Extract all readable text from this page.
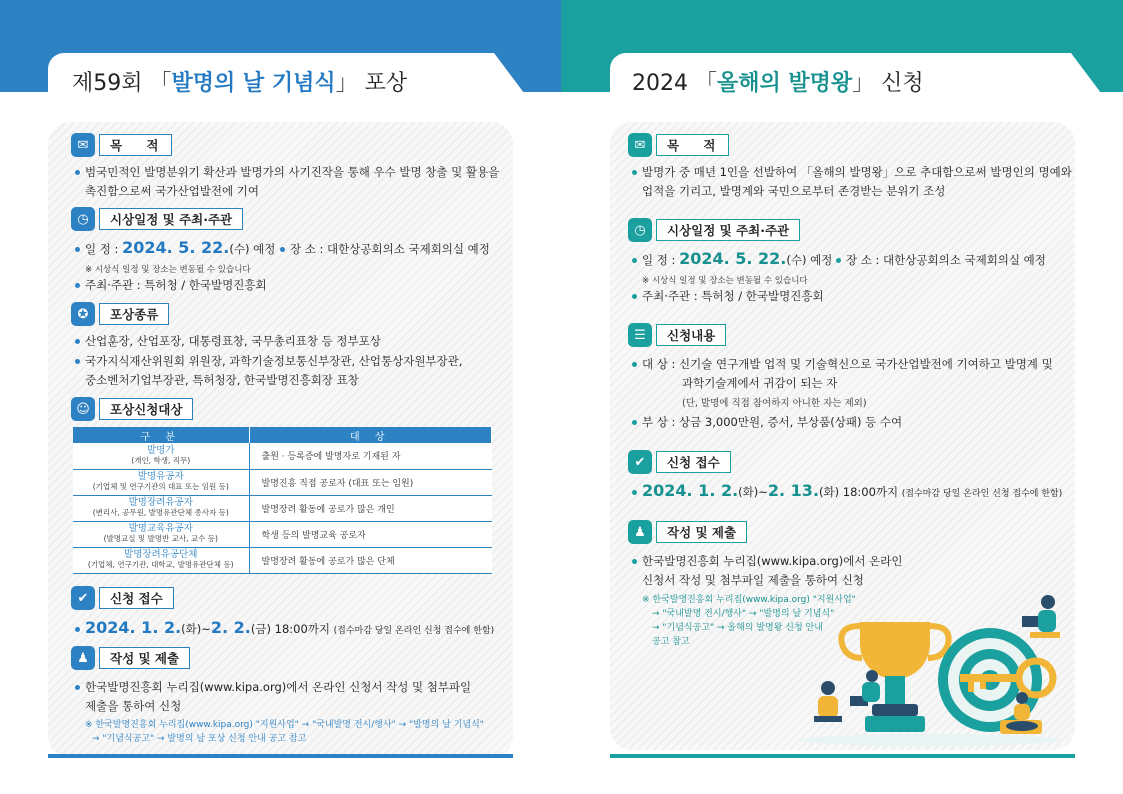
제59회 「발명의 날 기념식」 포상	2024 「올해의 발명왕」 신청
✉	목 적
범국민적인 발명분위기 확산과 발명가의 사기진작을 통해 우수 발명 창출 및 활용을
촉진함으로써 국가산업발전에 기여
◷	시상일정 및 주최·주관
일 정 : 2024. 5. 22.(수) 예정	장 소 : 대한상공회의소 국제회의실 예정
※ 시상식 일정 및 장소는 변동될 수 있습니다
주최·주관 : 특허청 / 한국발명진흥회
✪	포상종류
산업훈장, 산업포장, 대통령표창, 국무총리표창 등 정부포상
국가지식재산위원회 위원장, 과학기술정보통신부장관, 산업통상자원부장관,
중소벤처기업부장관, 특허청장, 한국발명진흥회장 표창
☺	포상신청대상
구 분	대 상

발명가
(개인, 학생, 직무)	출원 · 등록증에 발명자로 기재된 자

발명유공자
(기업체 및 연구기관의 대표 또는 임원 등)	발명진흥 직접 공로자 (대표 또는 임원)

발명장려유공자
(변리사, 공무원, 발명유관단체 종사자 등)	발명장려 활동에 공로가 많은 개인

발명교육유공자
(발명교실 및 발명반 교사, 교수 등)	학생 등의 발명교육 공로자

발명장려유공단체
(기업체, 연구기관, 대학교, 발명유관단체 등)	발명장려 활동에 공로가 많은 단체
✔	신청 접수
2024. 1. 2.(화)~2. 2.(금) 18:00까지 (접수마감 당일 온라인 신청 접수에 한함)
♟	작성 및 제출
한국발명진흥회 누리집(www.kipa.org)에서 온라인 신청서 작성 및 첨부파일
제출을 통하여 신청
※ 한국발명진흥회 누리집(www.kipa.org) "지원사업" → "국내발명 전시/행사" → "발명의 날 기념식"
→ "기념식공고" → 발명의 날 포상 신청 안내 공고 참고
✉	목 적
발명가 중 매년 1인을 선발하여 「올해의 발명왕」으로 추대함으로써 발명인의 명예와
업적을 기리고, 발명계와 국민으로부터 존경받는 분위기 조성
◷	시상일정 및 주최·주관
일 정 : 2024. 5. 22.(수) 예정	장 소 : 대한상공회의소 국제회의실 예정
※ 시상식 일정 및 장소는 변동될 수 있습니다
주최·주관 : 특허청 / 한국발명진흥회
☰	신청내용
대 상 : 신기술 연구개발 업적 및 기술혁신으로 국가산업발전에 기여하고 발명계 및
과학기술계에서 귀감이 되는 자
(단, 발명에 직접 참여하지 아니한 자는 제외)
부 상 : 상금 3,000만원, 증서, 부상품(상패) 등 수여
✔	신청 접수
2024. 1. 2.(화)~2. 13.(화) 18:00까지 (접수마감 당일 온라인 신청 접수에 한함)
♟	작성 및 제출
한국발명진흥회 누리집(www.kipa.org)에서 온라인
신청서 작성 및 첨부파일 제출을 통하여 신청
※ 한국발명진흥회 누리집(www.kipa.org) "지원사업"
→ "국내발명 전시/행사" → "발명의 날 기념식"
→ "기념식공고" → 올해의 발명왕 신청 안내
공고 참고
